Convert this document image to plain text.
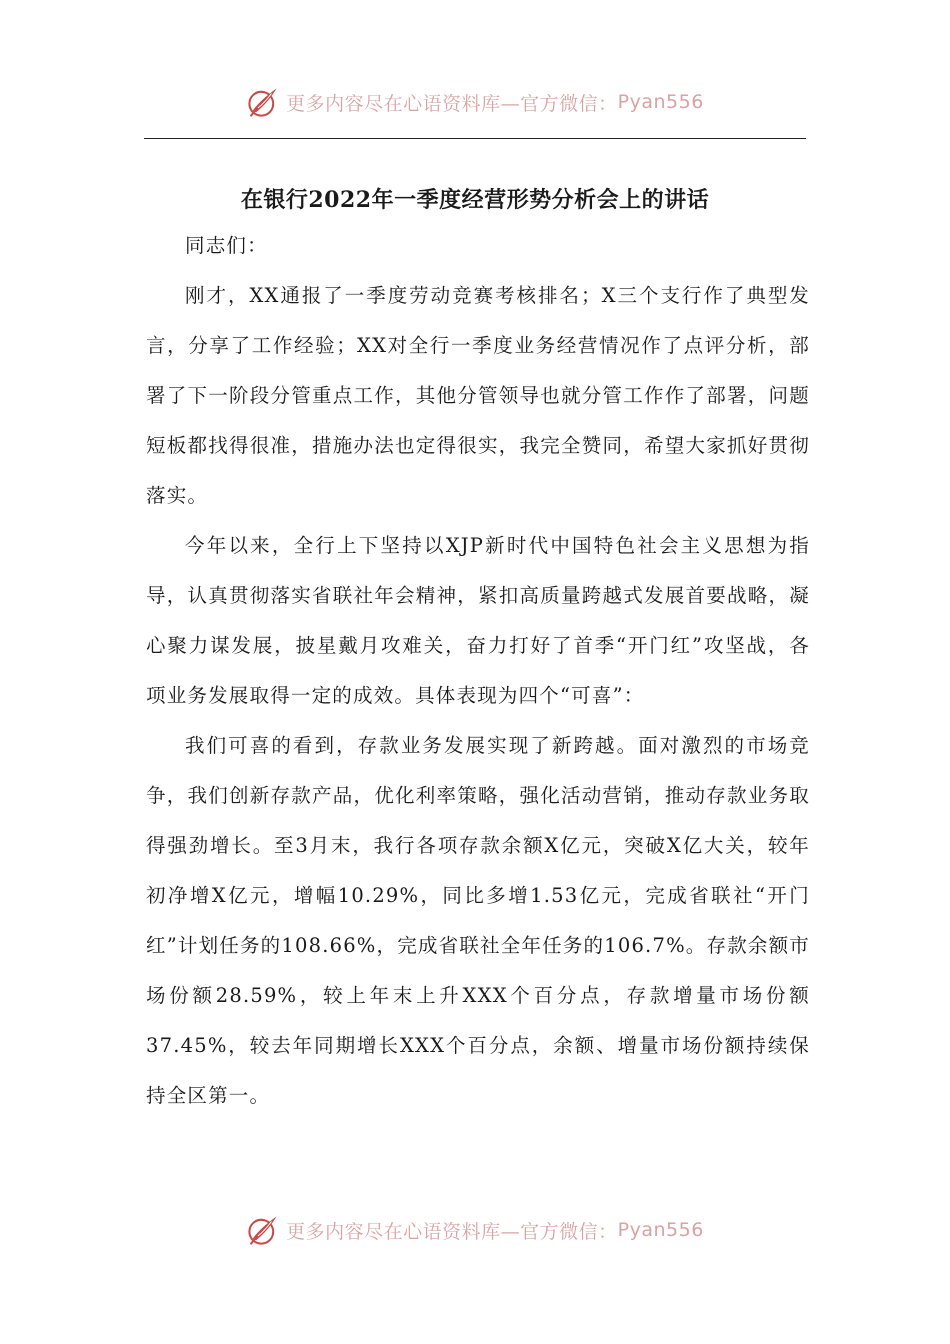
更多内容尽在心语资料库—官方微信： Pyan556
在银行2022年一季度经营形势分析会上的讲话

同志们：

刚才，XX通报了一季度劳动竞赛考核排名；X三个支行作了典型发言，分享了工作经验；XX对全行一季度业务经营情况作了点评分析，部署了下一阶段分管重点工作，其他分管领导也就分管工作作了部署，问题短板都找得很准，措施办法也定得很实，我完全赞同，希望大家抓好贯彻落实。

今年以来，全行上下坚持以XJP新时代中国特色社会主义思想为指导，认真贯彻落实省联社年会精神，紧扣高质量跨越式发展首要战略，凝心聚力谋发展，披星戴月攻难关，奋力打好了首季“开门红”攻坚战，各项业务发展取得一定的成效。具体表现为四个“可喜”：

我们可喜的看到，存款业务发展实现了新跨越。面对激烈的市场竞争，我们创新存款产品，优化利率策略，强化活动营销，推动存款业务取得强劲增长。至3月末，我行各项存款余额X亿元，突破X亿大关，较年初净增X亿元，增幅10.29%，同比多增1.53亿元，完成省联社“开门红”计划任务的108.66%，完成省联社全年任务的106.7%。存款余额市场份额28.59%，较上年末上升XXX个百分点，存款增量市场份额37.45%，较去年同期增长XXX个百分点，余额、增量市场份额持续保持全区第一。

更多内容尽在心语资料库—官方微信： Pyan556
